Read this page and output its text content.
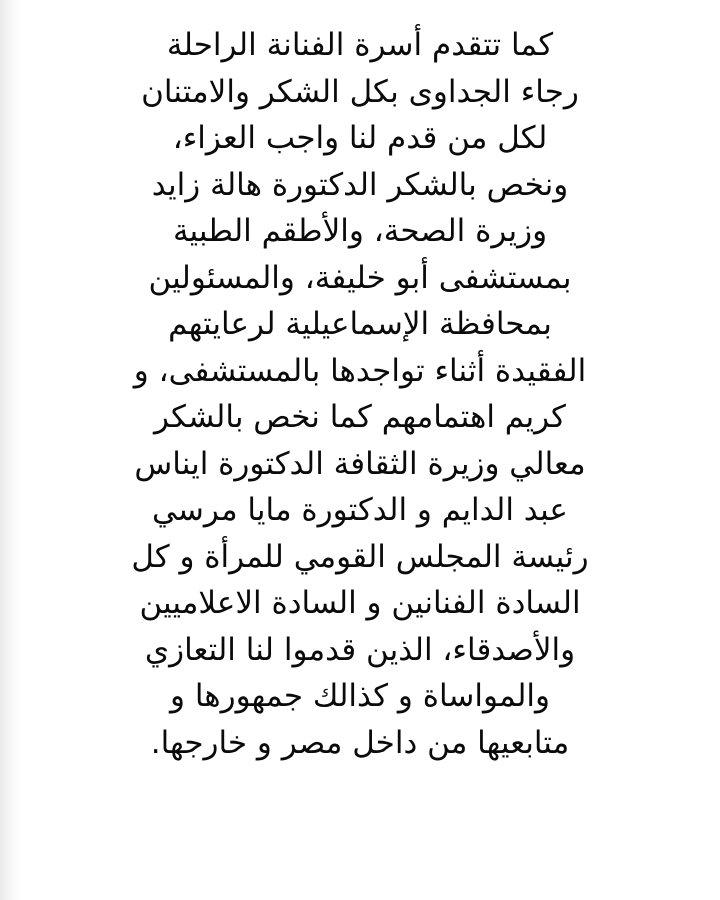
كما تتقدم أسرة الفنانة الراحلة
رجاء الجداوى بكل الشكر والامتنان
لكل من قدم لنا واجب العزاء،
ونخص بالشكر الدكتورة هالة زايد
وزيرة الصحة، والأطقم الطبية
بمستشفى أبو خليفة، والمسئولين
بمحافظة الإسماعيلية لرعايتهم
الفقيدة أثناء تواجدها بالمستشفى، و
كريم اهتمامهم كما نخص بالشكر
معالي وزيرة الثقافة الدكتورة ايناس
عبد الدايم و الدكتورة مايا مرسي
رئيسة المجلس القومي للمرأة و كل
السادة الفنانين و السادة الاعلاميين
والأصدقاء، الذين قدموا لنا التعازي
والمواساة و كذالك جمهورها و
متابعيها من داخل مصر و خارجها.
